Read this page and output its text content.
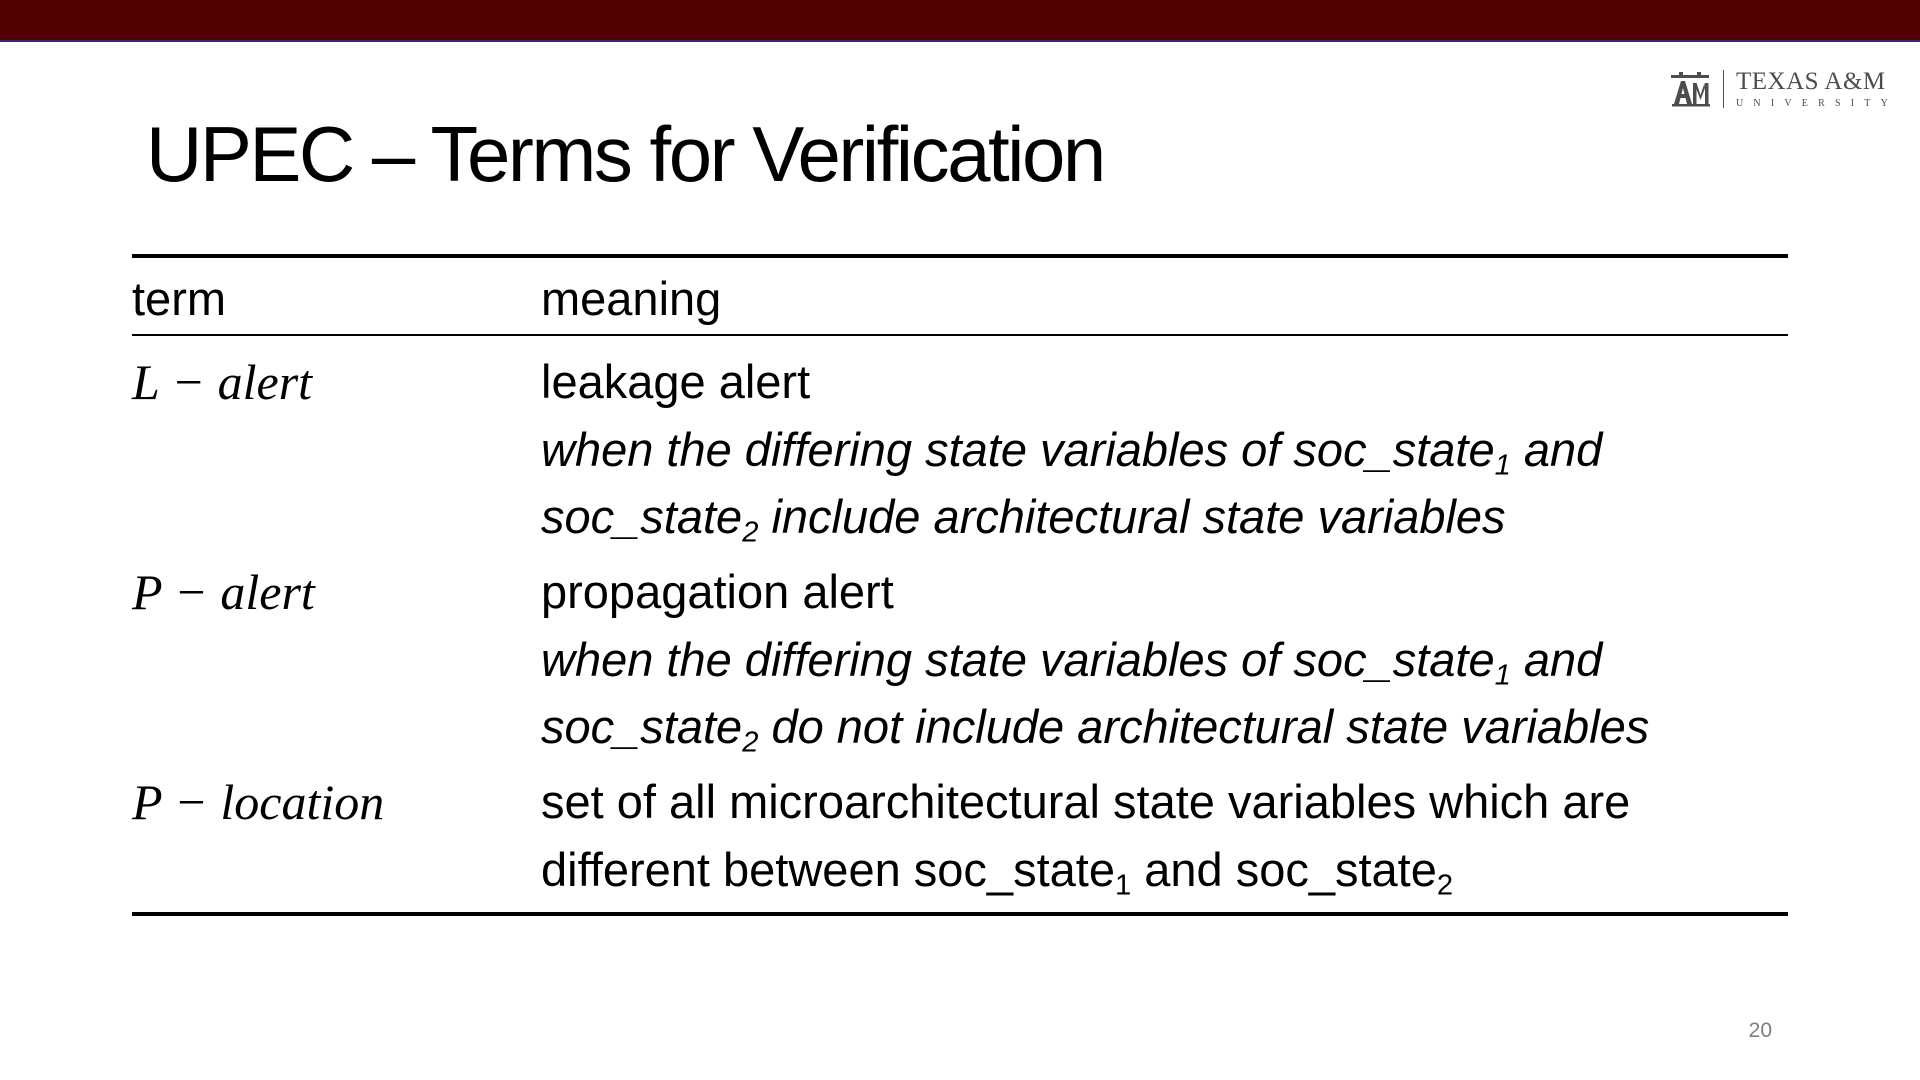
TEXAS A&M
UNIVERSITY
UPEC – Terms for Verification
term	meaning

L − alert	leakage alert
when the differing state variables of soc_state$_1$ and
soc_state$_2$ include architectural state variables

P − alert	propagation alert
when the differing state variables of soc_state$_1$ and
soc_state$_2$ do not include architectural state variables

P − location	set of all microarchitectural state variables which are
different between soc_state$_1$ and soc_state$_2$
20
